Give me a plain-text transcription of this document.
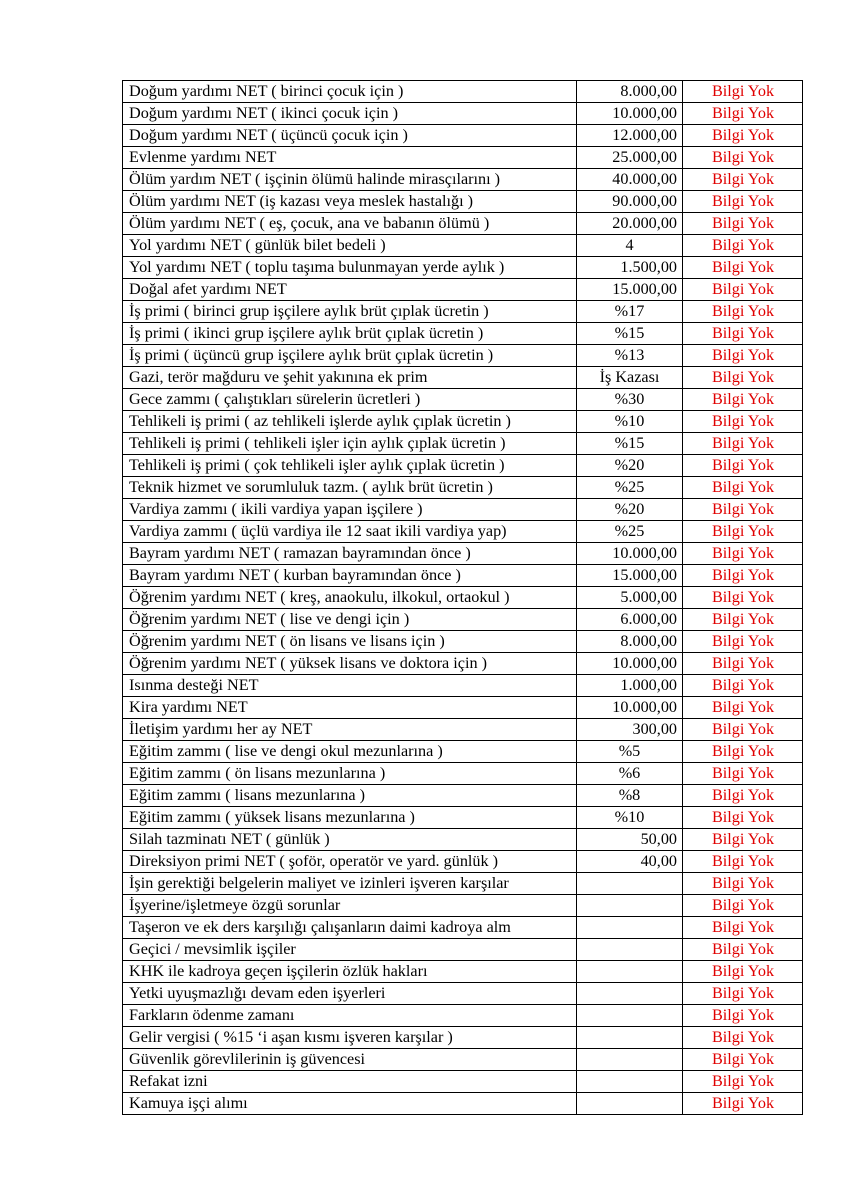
Doğum yardımı NET ( birinci çocuk için )	8.000,00	Bilgi Yok
Doğum yardımı NET ( ikinci çocuk için )	10.000,00	Bilgi Yok
Doğum yardımı NET ( üçüncü çocuk için )	12.000,00	Bilgi Yok
Evlenme yardımı NET	25.000,00	Bilgi Yok
Ölüm yardım NET ( işçinin ölümü halinde mirasçılarını )	40.000,00	Bilgi Yok
Ölüm yardımı NET (iş kazası veya meslek hastalığı )	90.000,00	Bilgi Yok
Ölüm yardımı NET ( eş, çocuk, ana ve babanın ölümü )	20.000,00	Bilgi Yok
Yol yardımı NET ( günlük bilet bedeli )	4	Bilgi Yok
Yol yardımı NET ( toplu taşıma bulunmayan yerde aylık )	1.500,00	Bilgi Yok
Doğal afet yardımı NET	15.000,00	Bilgi Yok
İş primi ( birinci grup işçilere aylık brüt çıplak ücretin )	%17	Bilgi Yok
İş primi ( ikinci grup işçilere aylık brüt çıplak ücretin )	%15	Bilgi Yok
İş primi ( üçüncü grup işçilere aylık brüt çıplak ücretin )	%13	Bilgi Yok
Gazi, terör mağduru ve şehit yakınına ek prim	İş Kazası	Bilgi Yok
Gece zammı ( çalıştıkları sürelerin ücretleri )	%30	Bilgi Yok
Tehlikeli iş primi ( az tehlikeli işlerde aylık çıplak ücretin )	%10	Bilgi Yok
Tehlikeli iş primi ( tehlikeli işler için aylık çıplak ücretin )	%15	Bilgi Yok
Tehlikeli iş primi ( çok tehlikeli işler aylık çıplak ücretin )	%20	Bilgi Yok
Teknik hizmet ve sorumluluk tazm. ( aylık brüt ücretin )	%25	Bilgi Yok
Vardiya zammı ( ikili vardiya yapan işçilere )	%20	Bilgi Yok
Vardiya zammı ( üçlü vardiya ile 12 saat ikili vardiya yap)	%25	Bilgi Yok
Bayram yardımı NET ( ramazan bayramından önce )	10.000,00	Bilgi Yok
Bayram yardımı NET ( kurban bayramından önce )	15.000,00	Bilgi Yok
Öğrenim yardımı NET ( kreş, anaokulu, ilkokul, ortaokul )	5.000,00	Bilgi Yok
Öğrenim yardımı NET ( lise ve dengi için )	6.000,00	Bilgi Yok
Öğrenim yardımı NET ( ön lisans ve lisans için )	8.000,00	Bilgi Yok
Öğrenim yardımı NET ( yüksek lisans ve doktora için )	10.000,00	Bilgi Yok
Isınma desteği NET	1.000,00	Bilgi Yok
Kira yardımı NET	10.000,00	Bilgi Yok
İletişim yardımı her ay NET	300,00	Bilgi Yok
Eğitim zammı ( lise ve dengi okul mezunlarına )	%5	Bilgi Yok
Eğitim zammı ( ön lisans mezunlarına )	%6	Bilgi Yok
Eğitim zammı ( lisans mezunlarına )	%8	Bilgi Yok
Eğitim zammı ( yüksek lisans mezunlarına )	%10	Bilgi Yok
Silah tazminatı NET ( günlük )	50,00	Bilgi Yok
Direksiyon primi NET ( şoför, operatör ve yard. günlük )	40,00	Bilgi Yok
İşin gerektiği belgelerin maliyet ve izinleri işveren karşılar		Bilgi Yok
İşyerine/işletmeye özgü sorunlar		Bilgi Yok
Taşeron ve ek ders karşılığı çalışanların daimi kadroya alm		Bilgi Yok
Geçici / mevsimlik işçiler		Bilgi Yok
KHK ile kadroya geçen işçilerin özlük hakları		Bilgi Yok
Yetki uyuşmazlığı devam eden işyerleri		Bilgi Yok
Farkların ödenme zamanı		Bilgi Yok
Gelir vergisi ( %15 ‘i aşan kısmı işveren karşılar )		Bilgi Yok
Güvenlik görevlilerinin iş güvencesi		Bilgi Yok
Refakat izni		Bilgi Yok
Kamuya işçi alımı		Bilgi Yok
